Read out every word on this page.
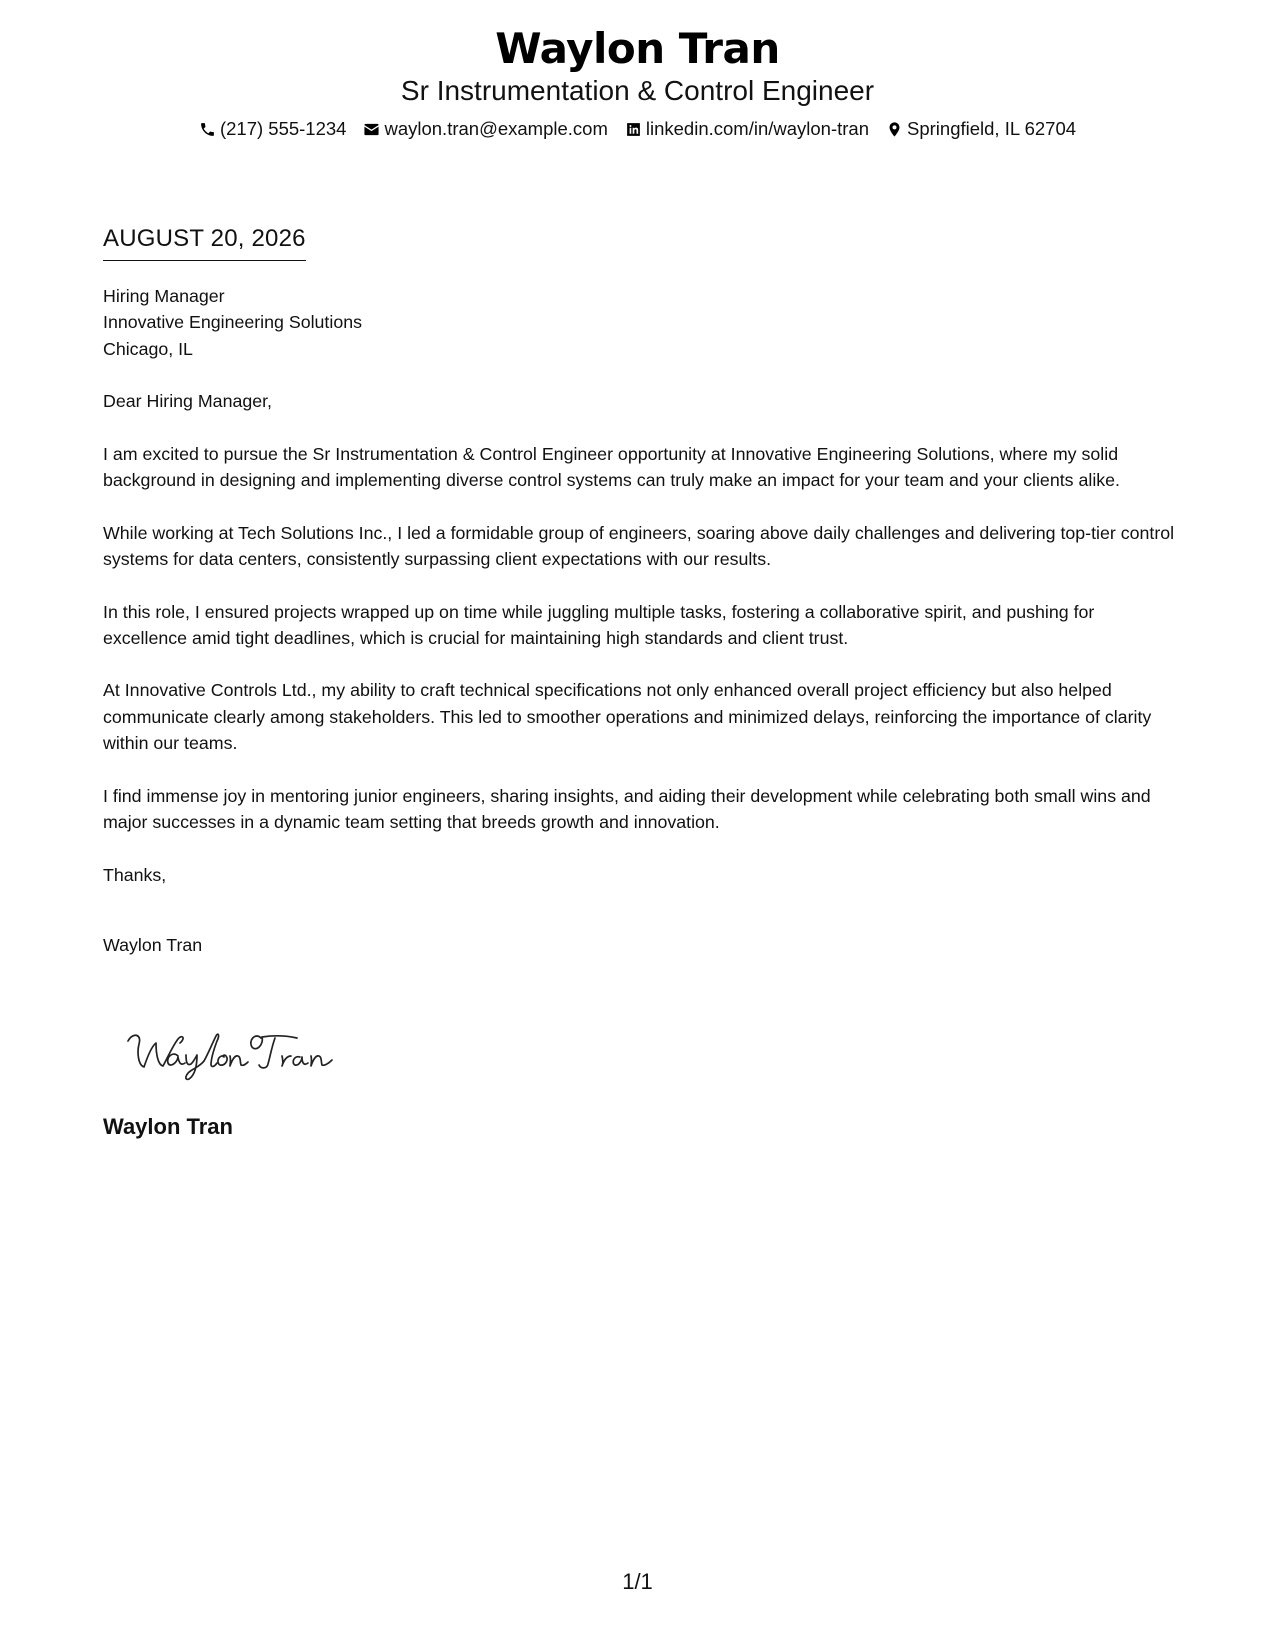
Waylon Tran
Sr Instrumentation & Control Engineer
(217) 555-1234 waylon.tran@example.com linkedin.com/in/waylon-tran Springfield, IL 62704
AUGUST 20, 2026

Hiring Manager
Innovative Engineering Solutions
Chicago, IL

Dear Hiring Manager,

I am excited to pursue the Sr Instrumentation & Control Engineer opportunity at Innovative Engineering Solutions, where my solid background in designing and implementing diverse control systems can truly make an impact for your team and your clients alike.

While working at Tech Solutions Inc., I led a formidable group of engineers, soaring above daily challenges and delivering top-tier control systems for data centers, consistently surpassing client expectations with our results.

In this role, I ensured projects wrapped up on time while juggling multiple tasks, fostering a collaborative spirit, and pushing for excellence amid tight deadlines, which is crucial for maintaining high standards and client trust.

At Innovative Controls Ltd., my ability to craft technical specifications not only enhanced overall project efficiency but also helped communicate clearly among stakeholders. This led to smoother operations and minimized delays, reinforcing the importance of clarity within our teams.

I find immense joy in mentoring junior engineers, sharing insights, and aiding their development while celebrating both small wins and major successes in a dynamic team setting that breeds growth and innovation.

Thanks,

Waylon Tran

Waylon Tran
1/1
